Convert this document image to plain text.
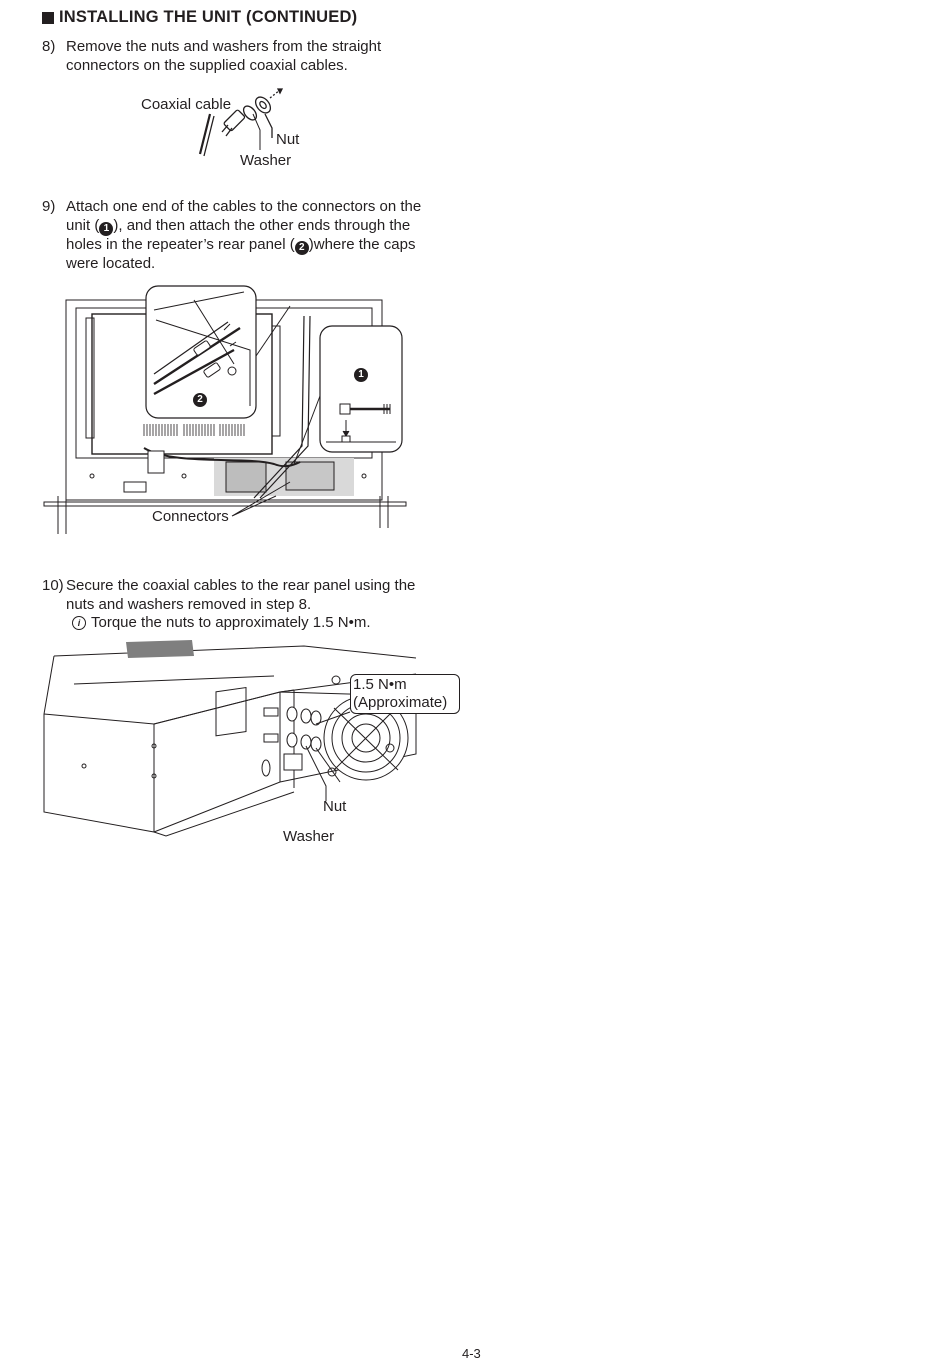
INSTALLING THE UNIT (CONTINUED)
8) Remove the nuts and washers from the straight connectors on the supplied coaxial cables.
Coaxial cable
Nut
Washer
9) Attach one end of the cables to the connectors on the unit ( 1 ), and then attach the other ends through the holes in the repeater’s rear panel ( 2 )where the caps were located.
2
1
Connectors
10) Secure the coaxial cables to the rear panel using the nuts and washers removed in step 8.
i Torque the nuts to approximately 1.5 N•m.
1.5 N•m
(Approximate)
Nut
Washer
4-3
